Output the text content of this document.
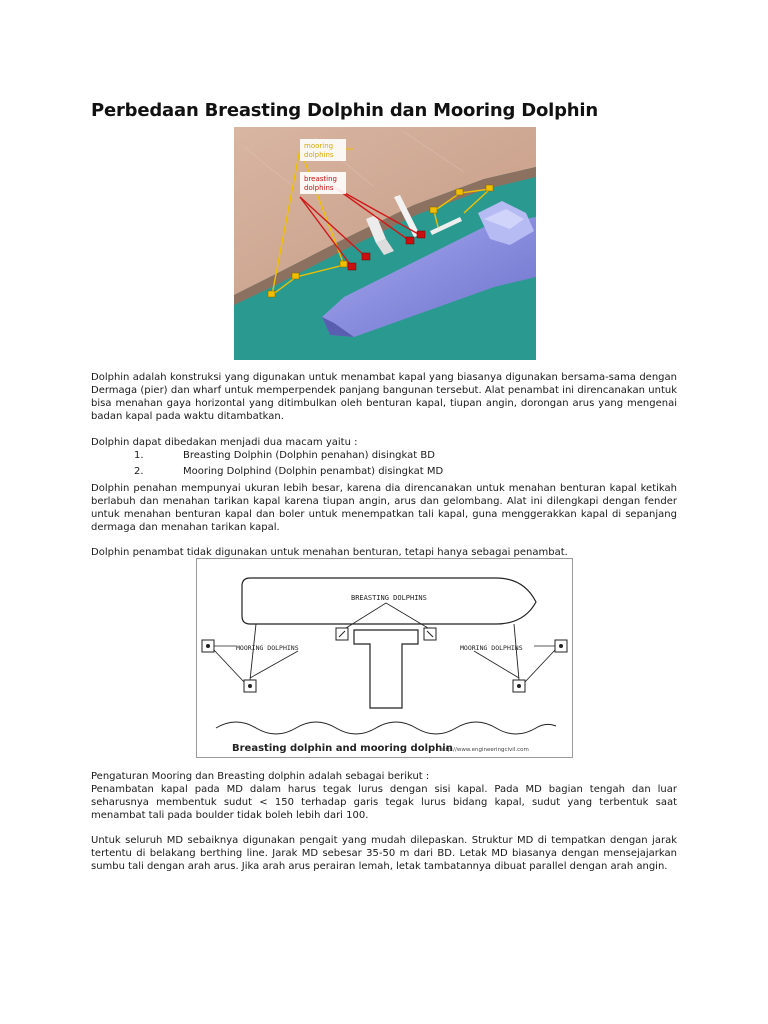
Perbedaan Breasting Dolphin dan Mooring Dolphin
mooring
dolphins
breasting
dolphins

Dolphin adalah konstruksi yang digunakan untuk menambat kapal yang biasanya digunakan bersama-sama dengan Dermaga (pier) dan wharf untuk memperpendek panjang bangunan tersebut. Alat penambat ini direncanakan untuk bisa menahan gaya horizontal yang ditimbulkan oleh benturan kapal, tiupan angin, dorongan arus yang mengenai badan kapal pada waktu ditambatkan.

Dolphin dapat dibedakan menjadi dua macam yaitu :

1.	Breasting Dolphin (Dolphin penahan) disingkat BD
2.	Mooring Dolphind (Dolphin penambat) disingkat MD

Dolphin penahan mempunyai ukuran lebih besar, karena dia direncanakan untuk menahan benturan kapal ketikah berlabuh dan menahan tarikan kapal karena tiupan angin, arus dan gelombang. Alat ini dilengkapi dengan fender untuk menahan benturan kapal dan boler untuk menempatkan tali kapal, guna menggerakkan kapal di sepanjang dermaga dan menahan tarikan kapal.

Dolphin penambat tidak digunakan untuk menahan benturan, tetapi hanya sebagai penambat.

BREASTING DOLPHINS
MOORING DOLPHINS	MOORING DOLPHINS
Breasting dolphin and mooring dolphin
http://www.engineeringcivil.com

Pengaturan Mooring dan Breasting dolphin adalah sebagai berikut :

Penambatan kapal pada MD dalam harus tegak lurus dengan sisi kapal. Pada MD bagian tengah dan luar seharusnya membentuk sudut < 150 terhadap garis tegak lurus bidang kapal, sudut yang terbentuk saat menambat tali pada boulder tidak boleh lebih dari 100.

Untuk seluruh MD sebaiknya digunakan pengait yang mudah dilepaskan. Struktur MD di tempatkan dengan jarak tertentu di belakang berthing line. Jarak MD sebesar 35-50 m dari BD. Letak MD biasanya dengan mensejajarkan sumbu tali dengan arah arus. Jika arah arus perairan lemah, letak tambatannya dibuat parallel dengan arah angin.
